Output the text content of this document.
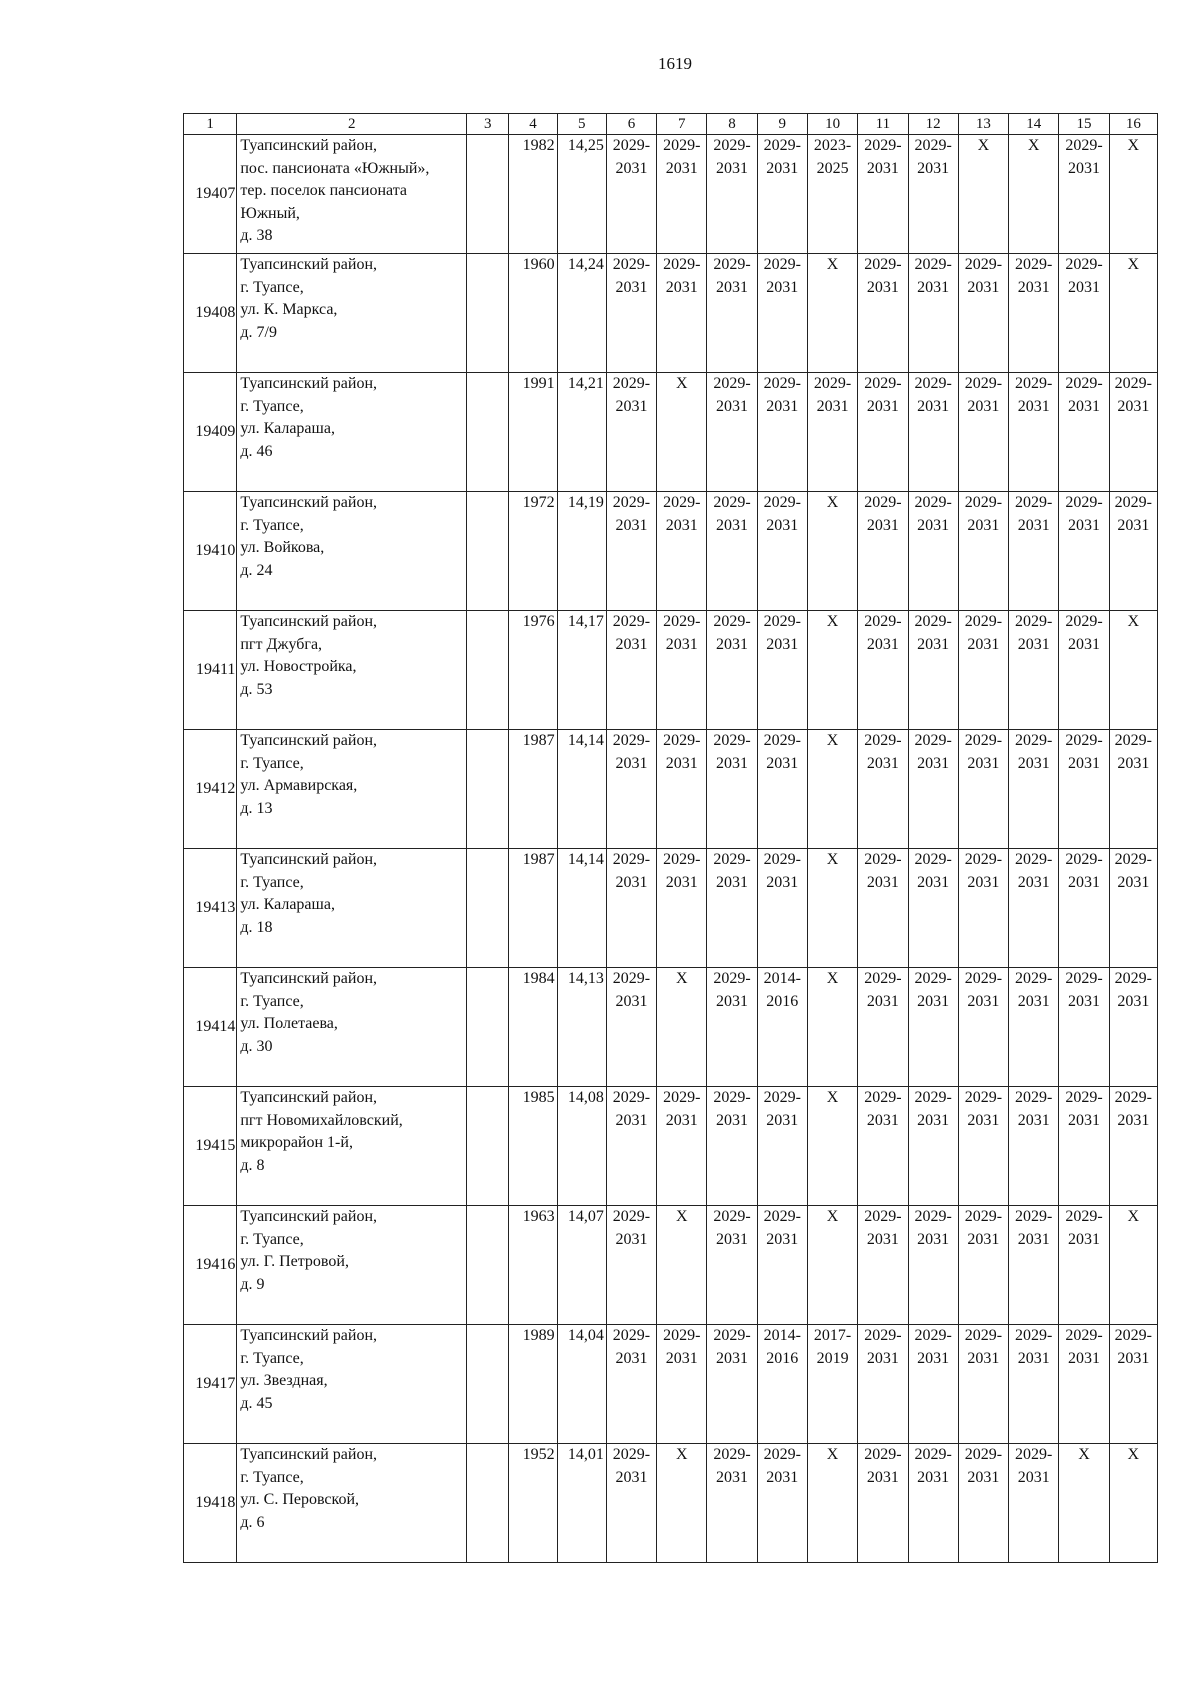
1619
1	2	3	4	5	6	7	8	9	10	11	12	13	14	15	16
19407	Туапсинский район,
пос. пансионата «Южный»,
тер. поселок пансионата
Южный,
д. 38		1982	14,25	2029-
2031	2029-
2031	2029-
2031	2029-
2031	2023-
2025	2029-
2031	2029-
2031	X	X	2029-
2031	X

19408	Туапсинский район,
г. Туапсе,
ул. К. Маркса,
д. 7/9		1960	14,24	2029-
2031	2029-
2031	2029-
2031	2029-
2031	X	2029-
2031	2029-
2031	2029-
2031	2029-
2031	2029-
2031	X

19409	Туапсинский район,
г. Туапсе,
ул. Калараша,
д. 46		1991	14,21	2029-
2031	X	2029-
2031	2029-
2031	2029-
2031	2029-
2031	2029-
2031	2029-
2031	2029-
2031	2029-
2031	2029-
2031

19410	Туапсинский район,
г. Туапсе,
ул. Войкова,
д. 24		1972	14,19	2029-
2031	2029-
2031	2029-
2031	2029-
2031	X	2029-
2031	2029-
2031	2029-
2031	2029-
2031	2029-
2031	2029-
2031

19411	Туапсинский район,
пгт Джубга,
ул. Новостройка,
д. 53		1976	14,17	2029-
2031	2029-
2031	2029-
2031	2029-
2031	X	2029-
2031	2029-
2031	2029-
2031	2029-
2031	2029-
2031	X

19412	Туапсинский район,
г. Туапсе,
ул. Армавирская,
д. 13		1987	14,14	2029-
2031	2029-
2031	2029-
2031	2029-
2031	X	2029-
2031	2029-
2031	2029-
2031	2029-
2031	2029-
2031	2029-
2031

19413	Туапсинский район,
г. Туапсе,
ул. Калараша,
д. 18		1987	14,14	2029-
2031	2029-
2031	2029-
2031	2029-
2031	X	2029-
2031	2029-
2031	2029-
2031	2029-
2031	2029-
2031	2029-
2031

19414	Туапсинский район,
г. Туапсе,
ул. Полетаева,
д. 30		1984	14,13	2029-
2031	X	2029-
2031	2014-
2016	X	2029-
2031	2029-
2031	2029-
2031	2029-
2031	2029-
2031	2029-
2031

19415	Туапсинский район,
пгт Новомихайловский,
микрорайон 1-й,
д. 8		1985	14,08	2029-
2031	2029-
2031	2029-
2031	2029-
2031	X	2029-
2031	2029-
2031	2029-
2031	2029-
2031	2029-
2031	2029-
2031

19416	Туапсинский район,
г. Туапсе,
ул. Г. Петровой,
д. 9		1963	14,07	2029-
2031	X	2029-
2031	2029-
2031	X	2029-
2031	2029-
2031	2029-
2031	2029-
2031	2029-
2031	X

19417	Туапсинский район,
г. Туапсе,
ул. Звездная,
д. 45		1989	14,04	2029-
2031	2029-
2031	2029-
2031	2014-
2016	2017-
2019	2029-
2031	2029-
2031	2029-
2031	2029-
2031	2029-
2031	2029-
2031

19418	Туапсинский район,
г. Туапсе,
ул. С. Перовской,
д. 6		1952	14,01	2029-
2031	X	2029-
2031	2029-
2031	X	2029-
2031	2029-
2031	2029-
2031	2029-
2031	X	X
